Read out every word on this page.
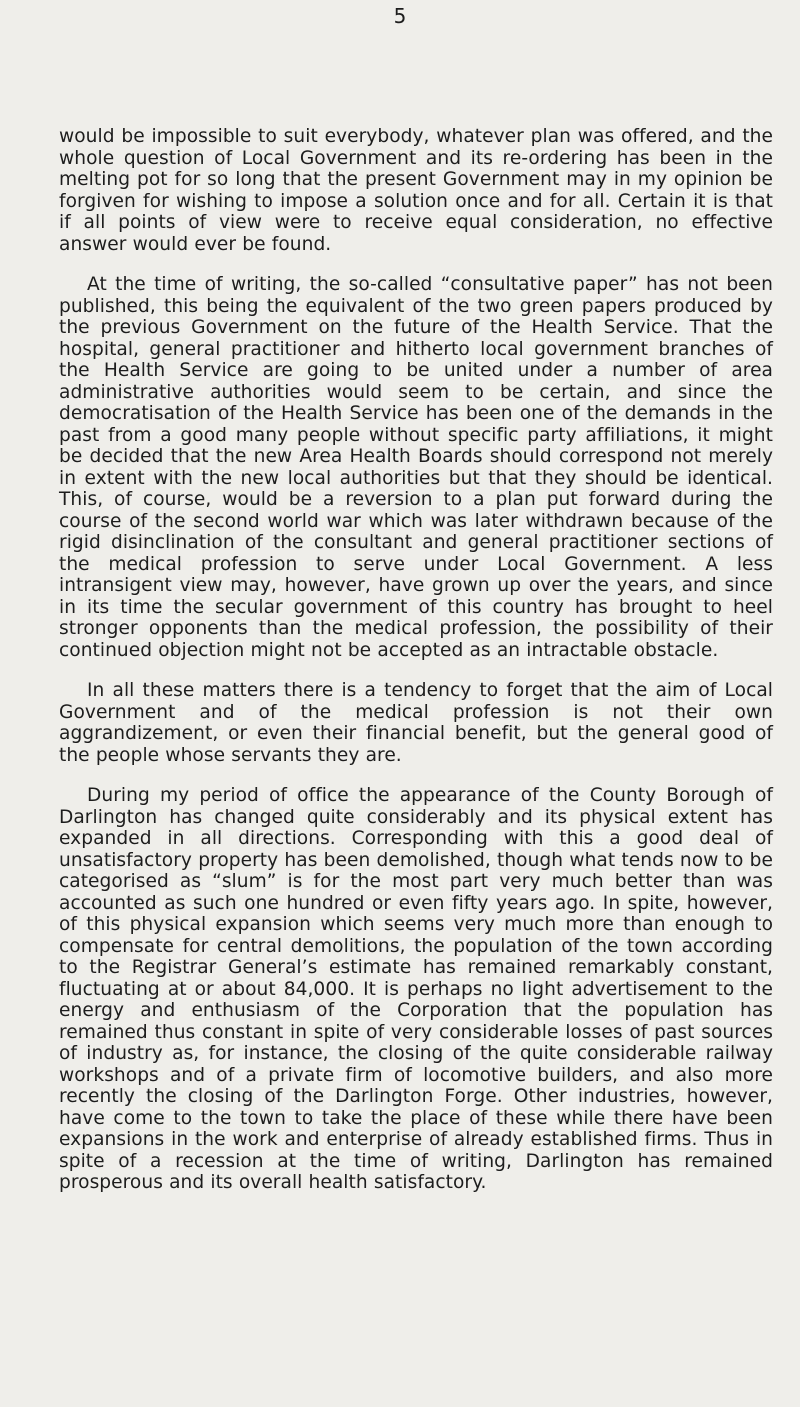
5

would be impossible to suit everybody, whatever plan was offered, and the whole question of Local Government and its re-ordering has been in the melting pot for so long that the present Government may in my opinion be forgiven for wishing to impose a solution once and for all. Certain it is that if all points of view were to receive equal consideration, no effective answer would ever be found.

At the time of writing, the so-called “consultative paper” has not been published, this being the equivalent of the two green papers produced by the previous Government on the future of the Health Service. That the hospital, general practitioner and hitherto local government branches of the Health Service are going to be united under a number of area administrative authorities would seem to be certain, and since the democratisation of the Health Service has been one of the demands in the past from a good many people without specific party affiliations, it might be decided that the new Area Health Boards should correspond not merely in extent with the new local authorities but that they should be identical. This, of course, would be a reversion to a plan put forward during the course of the second world war which was later withdrawn because of the rigid disinclination of the consultant and general practitioner sections of the medical profession to serve under Local Government. A less intransigent view may, however, have grown up over the years, and since in its time the secular government of this country has brought to heel stronger opponents than the medical profession, the possibility of their continued objection might not be accepted as an intractable obstacle.

In all these matters there is a tendency to forget that the aim of Local Government and of the medical profession is not their own aggrandizement, or even their financial benefit, but the general good of the people whose servants they are.

During my period of office the appearance of the County Borough of Darlington has changed quite considerably and its physical extent has expanded in all directions. Corresponding with this a good deal of unsatisfactory property has been demolished, though what tends now to be categorised as “slum” is for the most part very much better than was accounted as such one hundred or even fifty years ago. In spite, however, of this physical expansion which seems very much more than enough to compensate for central demolitions, the population of the town according to the Registrar General’s estimate has remained remarkably constant, fluctuating at or about 84,000. It is perhaps no light advertisement to the energy and enthusiasm of the Corporation that the population has remained thus constant in spite of very considerable losses of past sources of industry as, for instance, the closing of the quite considerable railway workshops and of a private firm of locomotive builders, and also more recently the closing of the Darlington Forge. Other industries, however, have come to the town to take the place of these while there have been expansions in the work and enterprise of already established firms. Thus in spite of a recession at the time of writing, Darlington has remained prosperous and its overall health satisfactory.
